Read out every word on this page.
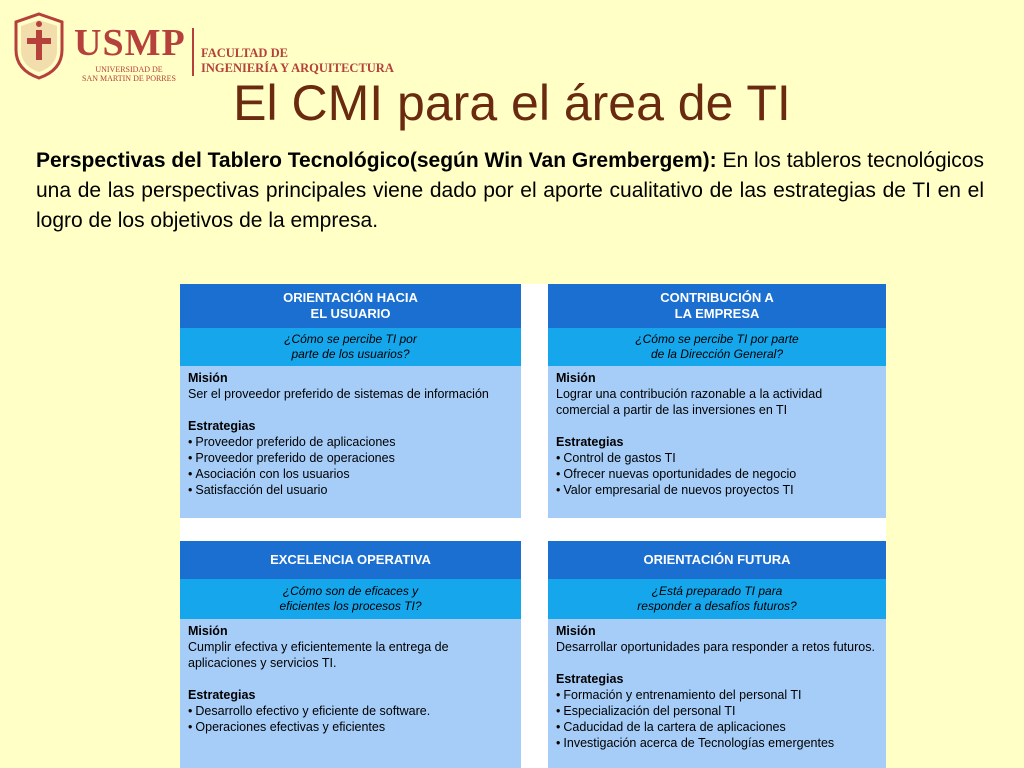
USMP
UNIVERSIDAD DE
SAN MARTIN DE PORRES
FACULTAD DE
INGENIERÍA Y ARQUITECTURA
El CMI para el área de TI

Perspectivas del Tablero Tecnológico(según Win Van Grembergem): En los tableros tecnológicos una de las perspectivas principales viene dado por el aporte cualitativo de las estrategias de TI en el logro de los objetivos de la empresa.

ORIENTACIÓN HACIA
EL USUARIO
¿Cómo se percibe TI por
parte de los usuarios?
Misión
Ser el proveedor preferido de sistemas de información
Estrategias
• Proveedor preferido de aplicaciones
• Proveedor preferido de operaciones
• Asociación con los usuarios
• Satisfacción del usuario
CONTRIBUCIÓN A
LA EMPRESA
¿Cómo se percibe TI por parte
de la Dirección General?
Misión
Lograr una contribución razonable a la actividad comercial a partir de las inversiones en TI
Estrategias
• Control de gastos TI
• Ofrecer nuevas oportunidades de negocio
• Valor empresarial de nuevos proyectos TI
EXCELENCIA OPERATIVA
¿Cómo son de eficaces y
eficientes los procesos TI?
Misión
Cumplir efectiva y eficientemente la entrega de aplicaciones y servicios TI.
Estrategias
• Desarrollo efectivo y eficiente de software.
• Operaciones efectivas y eficientes
ORIENTACIÓN FUTURA
¿Está preparado TI para
responder a desafíos futuros?
Misión
Desarrollar oportunidades para responder a retos futuros.
Estrategias
• Formación y entrenamiento del personal TI
• Especialización del personal TI
• Caducidad de la cartera de aplicaciones
• Investigación acerca de Tecnologías emergentes
